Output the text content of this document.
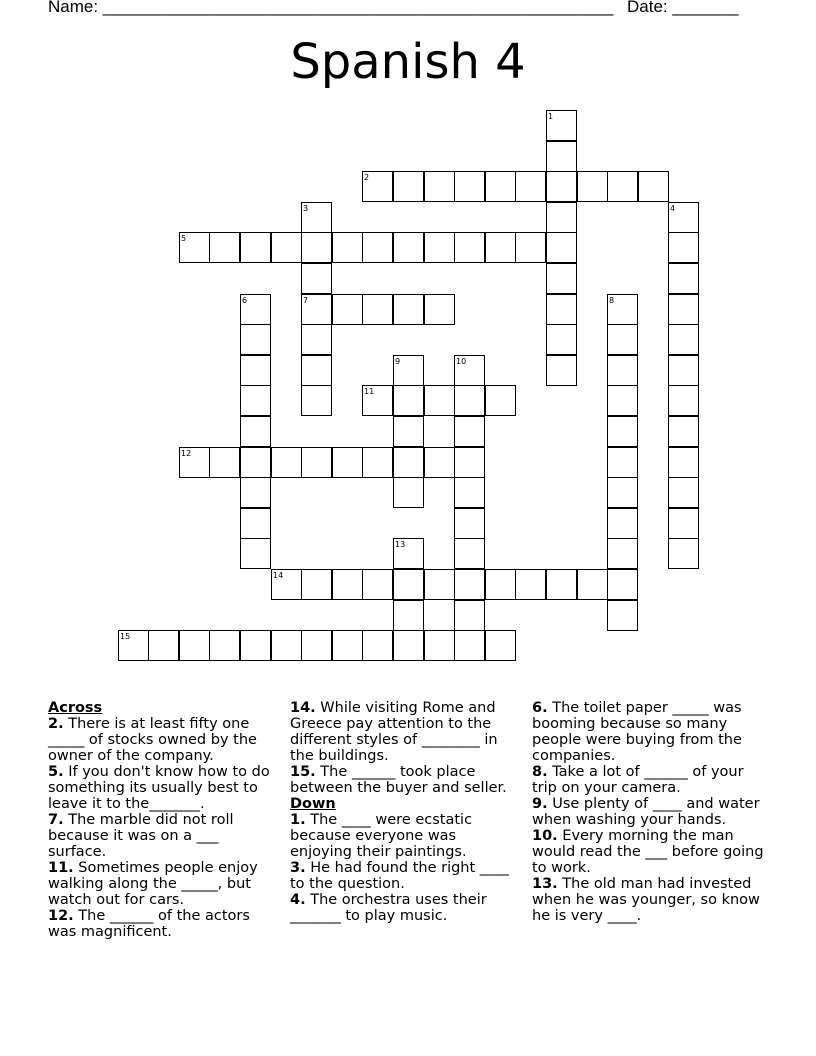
Name: ______________________________________________________ Date: _______
Spanish 4
1
2
3
7
4
5
6	8
9	10
11
12
13
14
15
Across
2. There is at least fifty one _____ of stocks owned by the owner of the company.
5. If you don't know how to do something its usually best to leave it to the_______.
7. The marble did not roll because it was on a ___ surface.
11. Sometimes people enjoy walking along the _____, but watch out for cars.
12. The ______ of the actors was magnificent.
14. While visiting Rome and Greece pay attention to the different styles of ________ in the buildings.
15. The ______ took place between the buyer and seller.
Down
1. The ____ were ecstatic because everyone was enjoying their paintings.
3. He had found the right ____ to the question.
4. The orchestra uses their _______ to play music.
6. The toilet paper _____ was booming because so many people were buying from the companies.
8. Take a lot of ______ of your trip on your camera.
9. Use plenty of ____ and water when washing your hands.
10. Every morning the man would read the ___ before going to work.
13. The old man had invested when he was younger, so know he is very ____.
